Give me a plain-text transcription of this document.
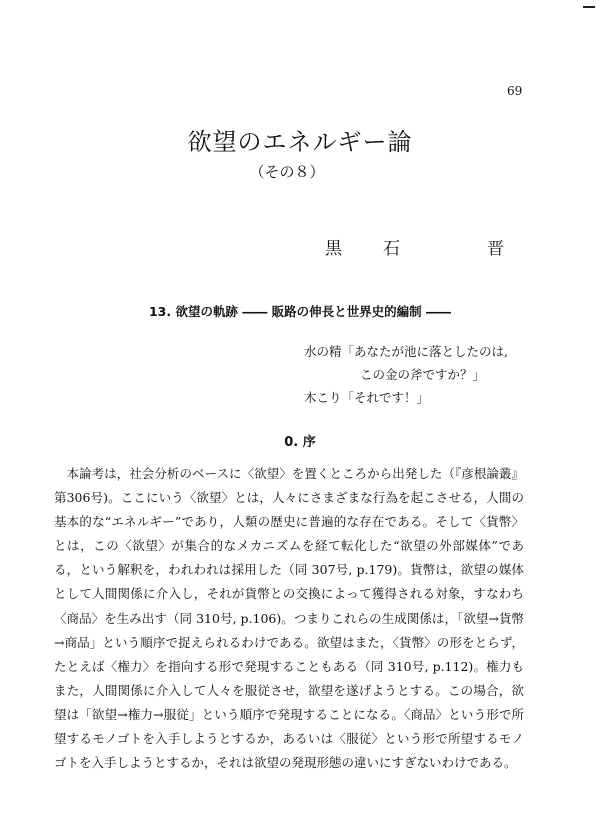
69
欲望のエネルギー論
（その８）
黒 石	晋
13. 欲望の軌跡 ―― 販路の伸長と世界史的編制 ――
水の精「あなたが池に落としたのは,
この金の斧ですか？」
木こり「それです！」
0. 序

本論考は，社会分析のベースに〈欲望〉を置くところから出発した（『彦根論叢』第306号)。ここにいう〈欲望〉とは，人々にさまざまな行為を起こさせる，人間の基本的な“エネルギー”であり，人類の歴史に普遍的な存在である。そして〈貨幣〉とは，この〈欲望〉が集合的なメカニズムを経て転化した“欲望の外部媒体”である，という解釈を，われわれは採用した（同 307号, p.179)。貨幣は，欲望の媒体として人間関係に介入し，それが貨幣との交換によって獲得される対象，すなわち〈商品〉を生み出す（同 310号, p.106)。つまりこれらの生成関係は，「欲望→貨幣→商品」という順序で捉えられるわけである。欲望はまた，〈貨幣〉の形をとらず，たとえば〈権力〉を指向する形で発現することもある（同 310号, p.112)。権力もまた，人間関係に介入して人々を服従させ，欲望を遂げようとする。この場合，欲望は「欲望→権力→服従」という順序で発現することになる。〈商品〉という形で所望するモノゴトを入手しようとするか，あるいは〈服従〉という形で所望するモノゴトを入手しようとするか，それは欲望の発現形態の違いにすぎないわけである。
